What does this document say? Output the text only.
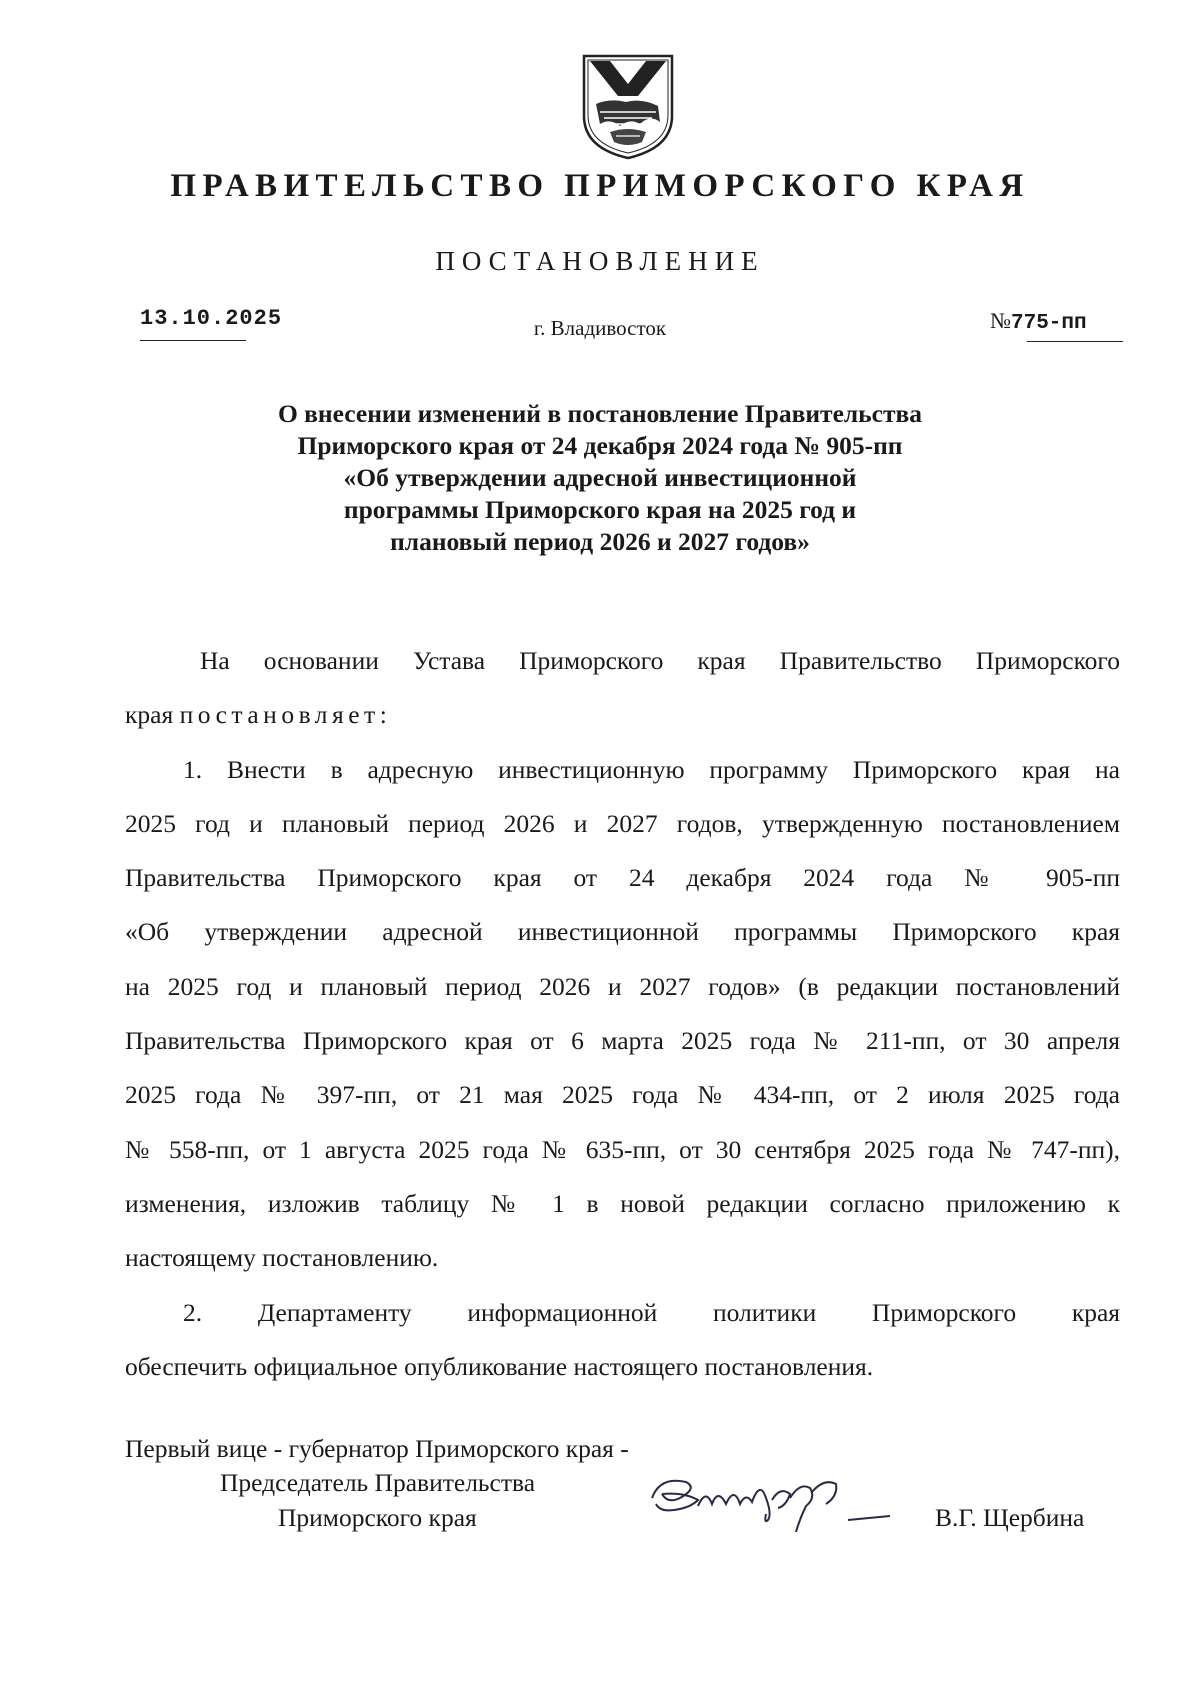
ПРАВИТЕЛЬСТВО ПРИМОРСКОГО КРАЯ
ПОСТАНОВЛЕНИЕ
13.10.2025	г. Владивосток	№775-пп
О внесении изменений в постановление Правительства
Приморского края от 24 декабря 2024 года № 905-пп
«Об утверждении адресной инвестиционной
программы Приморского края на 2025 год и
плановый период 2026 и 2027 годов»
На основании Устава Приморского края Правительство Приморского
края постановляет:
1. Внести в адресную инвестиционную программу Приморского края на
2025 год и плановый период 2026 и 2027 годов, утвержденную постановлением
Правительства Приморского края от 24 декабря 2024 года № 905-пп
«Об утверждении адресной инвестиционной программы Приморского края
на 2025 год и плановый период 2026 и 2027 годов» (в редакции постановлений
Правительства Приморского края от 6 марта 2025 года № 211-пп, от 30 апреля
2025 года № 397-пп, от 21 мая 2025 года № 434-пп, от 2 июля 2025 года
№ 558-пп, от 1 августа 2025 года № 635-пп, от 30 сентября 2025 года № 747-пп),
изменения, изложив таблицу № 1 в новой редакции согласно приложению к
настоящему постановлению.
2. Департаменту информационной политики Приморского края
обеспечить официальное опубликование настоящего постановления.
Первый вице - губернатор Приморского края -
Председатель Правительства
Приморского края	В.Г. Щербина
